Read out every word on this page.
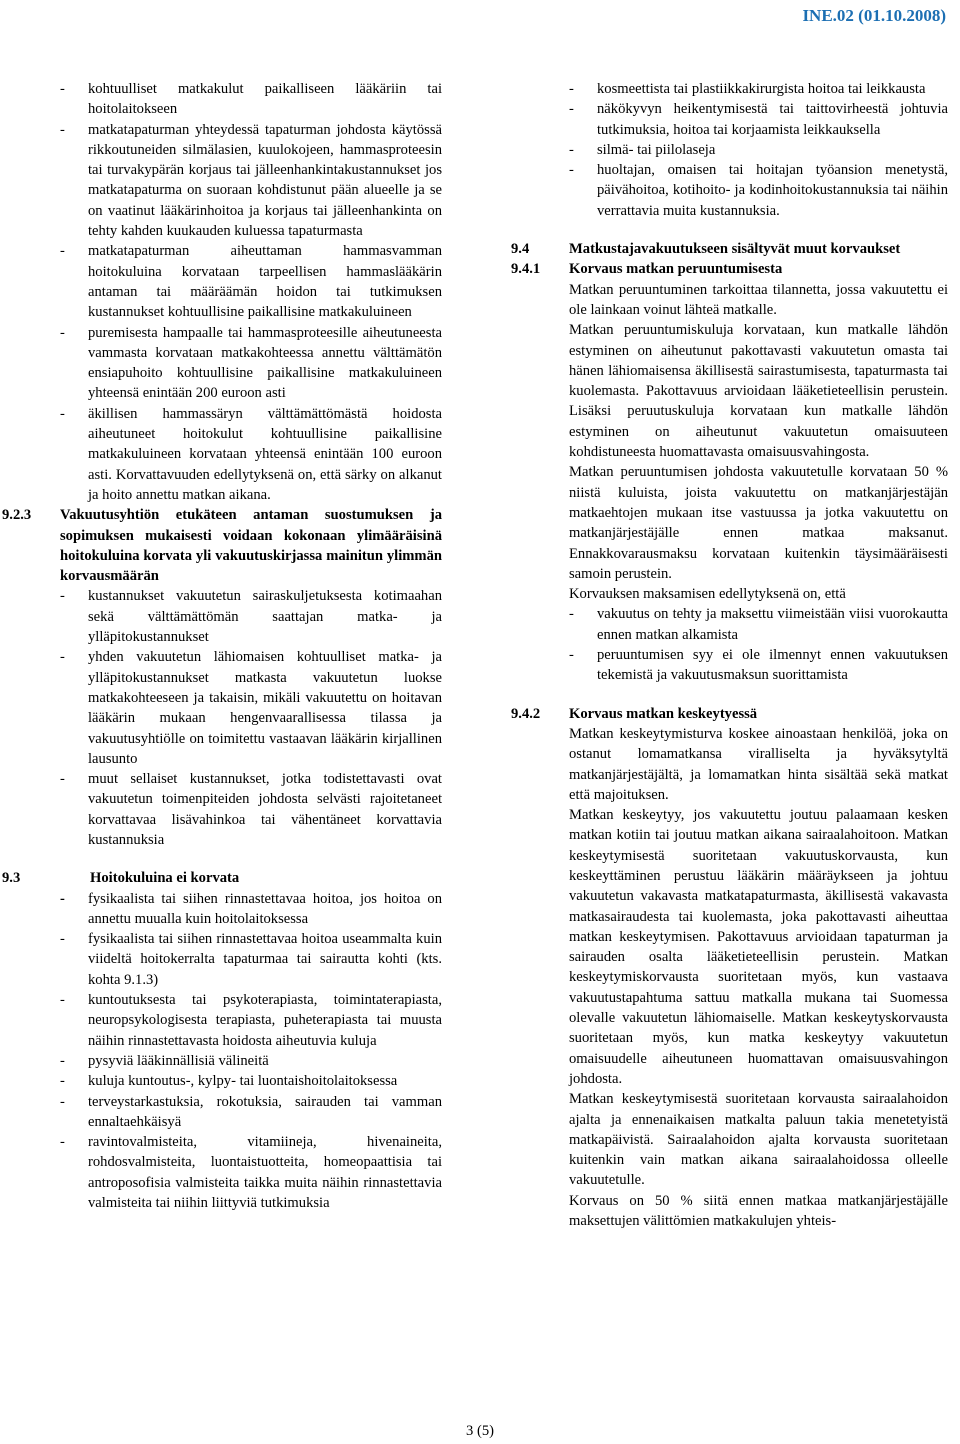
INE.02 (01.10.2008)
- kohtuulliset matkakulut paikalliseen lääkäriin tai hoitolaitokseen
- matkatapaturman yhteydessä tapaturman johdosta käytössä rikkoutuneiden silmälasien, kuulokojeen, hammasproteesin tai turvakypärän korjaus tai jälleenhankintakustannukset jos matkatapaturma on suoraan kohdistunut pään alueelle ja se on vaatinut lääkärinhoitoa ja korjaus tai jälleenhankinta on tehty kahden kuukauden kuluessa tapaturmasta
- matkatapaturman aiheuttaman hammasvamman hoitokuluina korvataan tarpeellisen hammaslääkärin antaman tai määräämän hoidon tai tutkimuksen kustannukset kohtuullisine paikallisine matkakuluineen
- puremisesta hampaalle tai hammasproteesille aiheutuneesta vammasta korvataan matkakohteessa annettu välttämätön ensiapuhoito kohtuullisine paikallisine matkakuluineen yhteensä enintään 200 euroon asti
- äkillisen hammassäryn välttämättömästä hoidosta aiheutuneet hoitokulut kohtuullisine paikallisine matkakuluineen korvataan yhteensä enintään 100 euroon asti. Korvattavuuden edellytyksenä on, että särky on alkanut ja hoito annettu matkan aikana.
9.2.3 Vakuutusyhtiön etukäteen antaman suostumuksen ja sopimuksen mukaisesti voidaan kokonaan ylimääräisinä hoitokuluina korvata yli vakuutuskirjassa mainitun ylimmän korvausmäärän
- kustannukset vakuutetun sairaskuljetuksesta kotimaahan sekä välttämättömän saattajan matka- ja ylläpitokustannukset
- yhden vakuutetun lähiomaisen kohtuulliset matka- ja ylläpitokustannukset matkasta vakuutetun luokse matkakohteeseen ja takaisin, mikäli vakuutettu on hoitavan lääkärin mukaan hengenvaarallisessa tilassa ja vakuutusyhtiölle on toimitettu vastaavan lääkärin kirjallinen lausunto
- muut sellaiset kustannukset, jotka todistettavasti ovat vakuutetun toimenpiteiden johdosta selvästi rajoitetaneet korvattavaa lisävahinkoa tai vähentäneet korvattavia kustannuksia
9.3	Hoitokuluina ei korvata
- fysikaalista tai siihen rinnastettavaa hoitoa, jos hoitoa on annettu muualla kuin hoitolaitoksessa
- fysikaalista tai siihen rinnastettavaa hoitoa useammalta kuin viideltä hoitokerralta tapaturmaa tai sairautta kohti (kts. kohta 9.1.3)
- kuntoutuksesta tai psykoterapiasta, toimintaterapiasta, neuropsykologisesta terapiasta, puheterapiasta tai muusta näihin rinnastettavasta hoidosta aiheutuvia kuluja
- pysyviä lääkinnällisiä välineitä
- kuluja kuntoutus-, kylpy- tai luontaishoitolaitoksessa
- terveystarkastuksia, rokotuksia, sairauden tai vamman ennaltaehkäisyä
- ravintovalmisteita, vitamiineja, hivenaineita, rohdosvalmisteita, luontaistuotteita, homeopaattisia tai antroposofisia valmisteita taikka muita näihin rinnastettavia valmisteita tai niihin liittyviä tutkimuksia
- kosmeettista tai plastiikkakirurgista hoitoa tai leikkausta
- näkökyvyn heikentymisestä tai taittovirheestä johtuvia tutkimuksia, hoitoa tai korjaamista leikkauksella
- silmä- tai piilolaseja
- huoltajan, omaisen tai hoitajan työansion menetystä, päivähoitoa, kotihoito- ja kodinhoitokustannuksia tai näihin verrattavia muita kustannuksia.
9.4	Matkustajavakuutukseen sisältyvät muut korvaukset
9.4.1 Korvaus matkan peruuntumisesta

Matkan peruuntuminen tarkoittaa tilannetta, jossa vakuutettu ei ole lainkaan voinut lähteä matkalle.

Matkan peruuntumiskuluja korvataan, kun matkalle lähdön estyminen on aiheutunut pakottavasti vakuutetun omasta tai hänen lähiomaisensa äkillisestä sairastumisesta, tapaturmasta tai kuolemasta. Pakottavuus arvioidaan lääketieteellisin perustein. Lisäksi peruutuskuluja korvataan kun matkalle lähdön estyminen on aiheutunut vakuutetun omaisuuteen kohdistuneesta huomattavasta omaisuusvahingosta.

Matkan peruuntumisen johdosta vakuutetulle korvataan 50 % niistä kuluista, joista vakuutettu on matkanjärjestäjän matkaehtojen mukaan itse vastuussa ja jotka vakuutettu on matkanjärjestäjälle ennen matkaa maksanut. Ennakkovarausmaksu korvataan kuitenkin täysimääräisesti samoin perustein.

Korvauksen maksamisen edellytyksenä on, että

- vakuutus on tehty ja maksettu viimeistään viisi vuorokautta ennen matkan alkamista
- peruuntumisen syy ei ole ilmennyt ennen vakuutuksen tekemistä ja vakuutusmaksun suorittamista
9.4.2 Korvaus matkan keskeytyessä

Matkan keskeytymisturva koskee ainoastaan henkilöä, joka on ostanut lomamatkansa viralliselta ja hyväksytyltä matkanjärjestäjältä, ja lomamatkan hinta sisältää sekä matkat että majoituksen.

Matkan keskeytyy, jos vakuutettu joutuu palaamaan kesken matkan kotiin tai joutuu matkan aikana sairaalahoitoon. Matkan keskeytymisestä suoritetaan vakuutuskorvausta, kun keskeyttäminen perustuu lääkärin määräykseen ja johtuu vakuutetun vakavasta matkatapaturmasta, äkillisestä vakavasta matkasairaudesta tai kuolemasta, joka pakottavasti aiheuttaa matkan keskeytymisen. Pakottavuus arvioidaan tapaturman ja sairauden osalta lääketieteellisin perustein. Matkan keskeytymiskorvausta suoritetaan myös, kun vastaava vakuutustapahtuma sattuu matkalla mukana tai Suomessa olevalle vakuutetun lähiomaiselle. Matkan keskeytyskorvausta suoritetaan myös, kun matka keskeytyy vakuutetun omaisuudelle aiheutuneen huomattavan omaisuusvahingon johdosta.

Matkan keskeytymisestä suoritetaan korvausta sairaalahoidon ajalta ja ennenaikaisen matkalta paluun takia menetetyistä matkapäivistä. Sairaalahoidon ajalta korvausta suoritetaan kuitenkin vain matkan aikana sairaalahoidossa olleelle vakuutetulle.

Korvaus on 50 % siitä ennen matkaa matkanjärjestäjälle maksettujen välittömien matkakulujen yhteis-

3 (5)
